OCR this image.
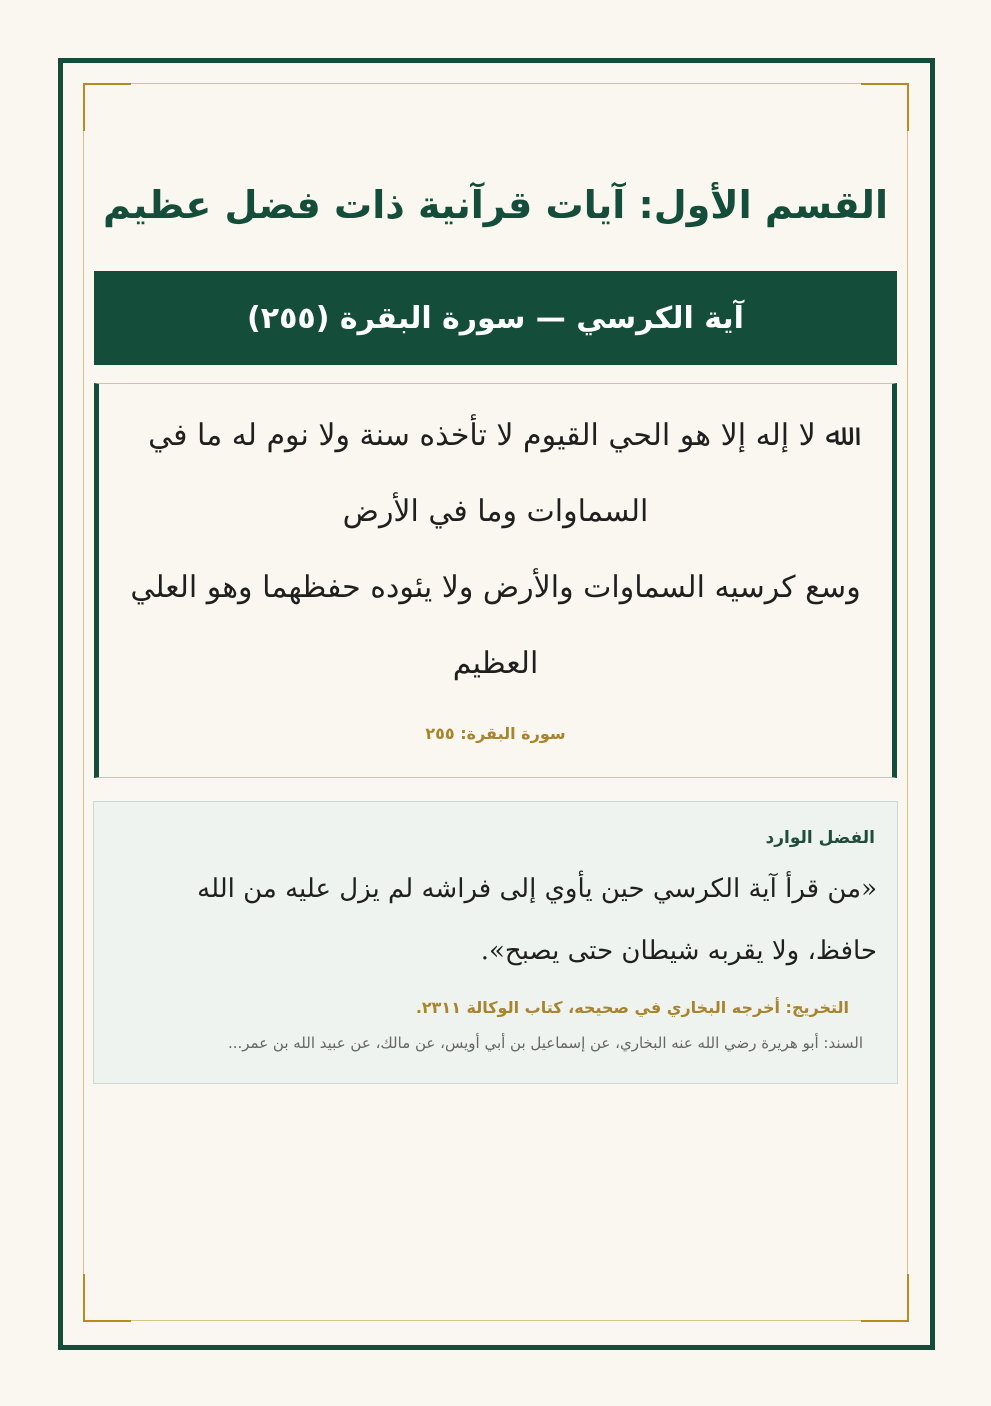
القسم الأول: آيات قرآنية ذات فضل عظيم
آية الكرسي — سورة البقرة (٢٥٥)
ﷲ لا إله إلا هو الحي القيوم لا تأخذه سنة ولا نوم له ما في السماوات وما في الأرض
وسع كرسيه السماوات والأرض ولا يئوده حفظهما وهو العلي العظيم
سورة البقرة: ٢٥٥
الفضل الوارد
«من قرأ آية الكرسي حين يأوي إلى فراشه لم يزل عليه من الله حافظ، ولا يقربه شيطان حتى يصبح».
التخريج: أخرجه البخاري في صحيحه، كتاب الوكالة ٢٣١١.
السند: أبو هريرة رضي الله عنه البخاري، عن إسماعيل بن أبي أويس، عن مالك، عن عبيد الله بن عمر...
